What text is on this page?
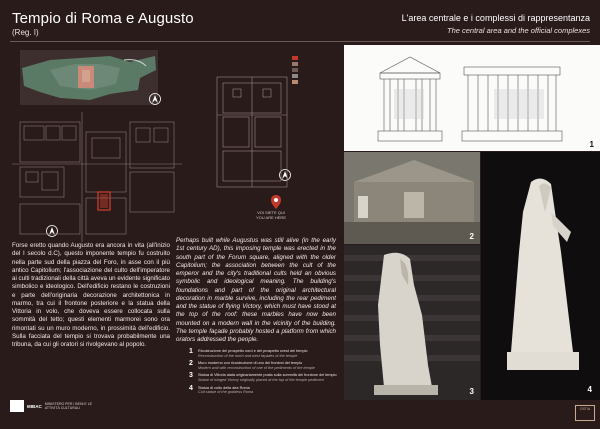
Tempio di Roma e Augusto
(Reg. I)
L'area centrale e i complessi di rappresentanza
The central area and the official complexes
VOI SIETE QUI
YOU ARE HERE
Forse eretto quando Augusto era ancora in vita (all'inizio del I secolo d.C), questo imponente tempio fu costruito nella parte sud della piazza del Foro, in asse con il più antico Capitolium; l'associazione del culto dell'imperatore ai culti tradizionali della città aveva un evidente significato simbolico e ideologico. Dell'edificio restano le costruzioni e parte dell'originaria decorazione architettonica in marmo, tra cui il frontone posteriore e la statua della Vittoria in volo, che doveva essere collocata sulla sommità del tetto; questi elementi marmorei sono ora rimontati su un muro moderno, in prossimità dell'edificio. Sulla facciata del tempio si trovava probabilmente una tribuna, da cui gli oratori si rivolgevano al popolo.
Perhaps built while Augustus was still alive (in the early 1st century AD), this imposing temple was erected in the south part of the Forum square, aligned with the older Capitolium; the association between the cult of the emperor and the city's traditional cults held an obvious symbolic and ideological meaning. The building's foundations and part of the original architectural decoration in marble survive, including the rear pediment and the statue of flying Victory, which must have stood at the top of the roof: these marbles have now been mounted on a modern wall in the vicinity of the building. The temple façade probably hosted a platform from which orators addressed the people.
1 Ricostruzione del prospetto nord e del prospetto ovest del tempio
Reconstruction of the north and west façades of the temple
2 Muro moderno con ricostruzione di uno dei frontoni del tempio
Modern wall with reconstruction of one of the pediments of the temple
3 Statua di Vittoria alata originariamente posta sulla sommità del frontone del tempio
Statue of winged Victory originally placed at the top of the temple pediment
4 Statua di culto della dea Roma
Cult statue of the goddess Roma
MIBAC MINISTERO PER I BENI E LE ATTIVITÀ CULTURALI
1
2
3	4
OSTIA
